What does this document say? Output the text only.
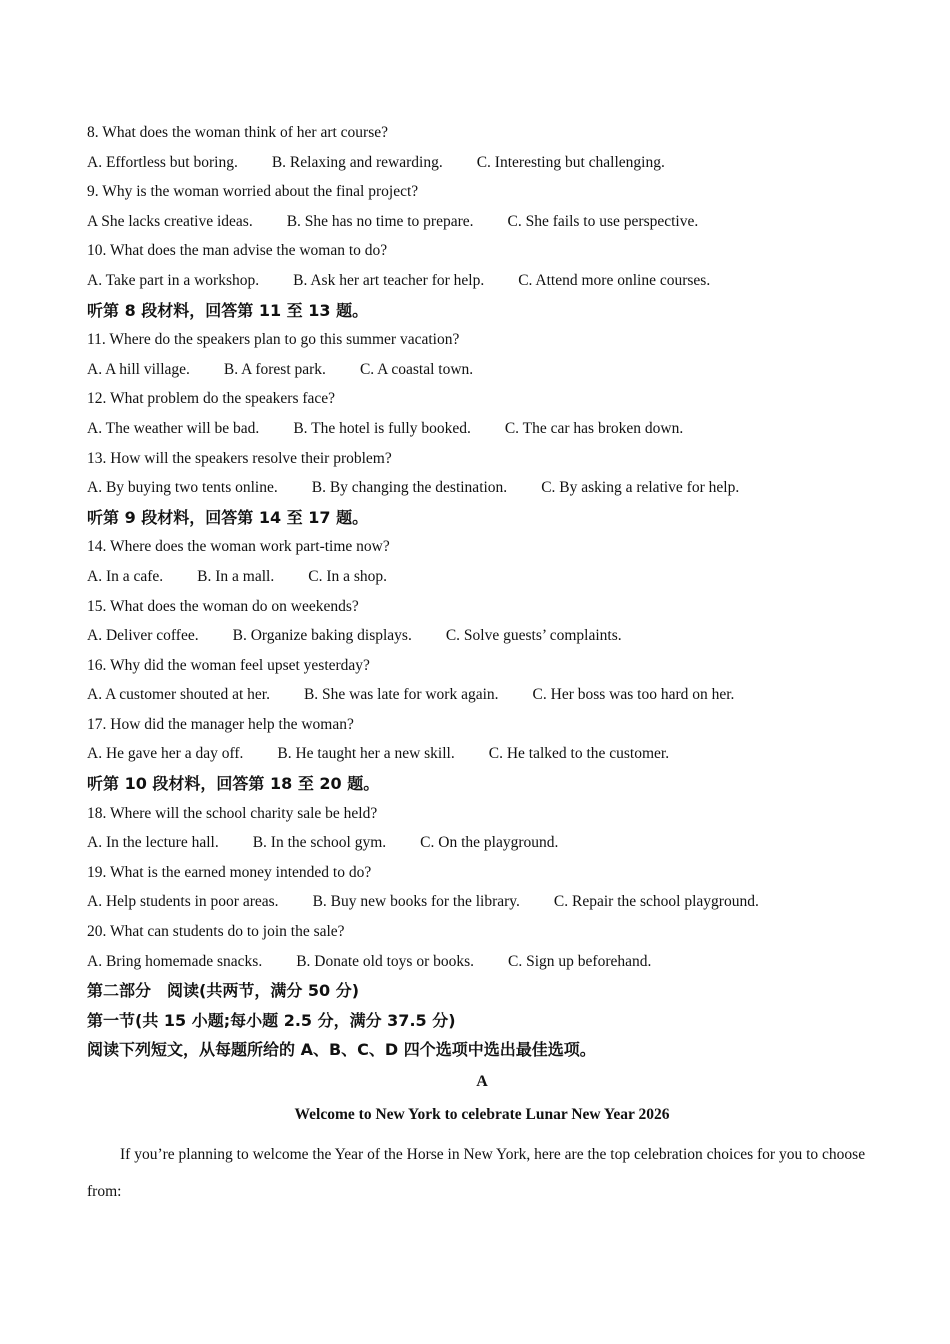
8. What does the woman think of her art course?
A. Effortless but boring. B. Relaxing and rewarding. C. Interesting but challenging.
9. Why is the woman worried about the final project?
A She lacks creative ideas. B. She has no time to prepare. C. She fails to use perspective.
10. What does the man advise the woman to do?
A. Take part in a workshop. B. Ask her art teacher for help. C. Attend more online courses.
听第 8 段材料，回答第 11 至 13 题。
11. Where do the speakers plan to go this summer vacation?
A. A hill village. B. A forest park. C. A coastal town.
12. What problem do the speakers face?
A. The weather will be bad. B. The hotel is fully booked. C. The car has broken down.
13. How will the speakers resolve their problem?
A. By buying two tents online. B. By changing the destination. C. By asking a relative for help.
听第 9 段材料，回答第 14 至 17 题。
14. Where does the woman work part-time now?
A. In a cafe. B. In a mall. C. In a shop.
15. What does the woman do on weekends?
A. Deliver coffee. B. Organize baking displays. C. Solve guests’ complaints.
16. Why did the woman feel upset yesterday?
A. A customer shouted at her. B. She was late for work again. C. Her boss was too hard on her.
17. How did the manager help the woman?
A. He gave her a day off. B. He taught her a new skill. C. He talked to the customer.
听第 10 段材料，回答第 18 至 20 题。
18. Where will the school charity sale be held?
A. In the lecture hall. B. In the school gym. C. On the playground.
19. What is the earned money intended to do?
A. Help students in poor areas. B. Buy new books for the library. C. Repair the school playground.
20. What can students do to join the sale?
A. Bring homemade snacks. B. Donate old toys or books. C. Sign up beforehand.
第二部分　阅读(共两节，满分 50 分)
第一节(共 15 小题;每小题 2.5 分，满分 37.5 分)
阅读下列短文，从每题所给的 A、B、C、D 四个选项中选出最佳选项。
A
Welcome to New York to celebrate Lunar New Year 2026
If you’re planning to welcome the Year of the Horse in New York, here are the top celebration choices for you to choose from:
